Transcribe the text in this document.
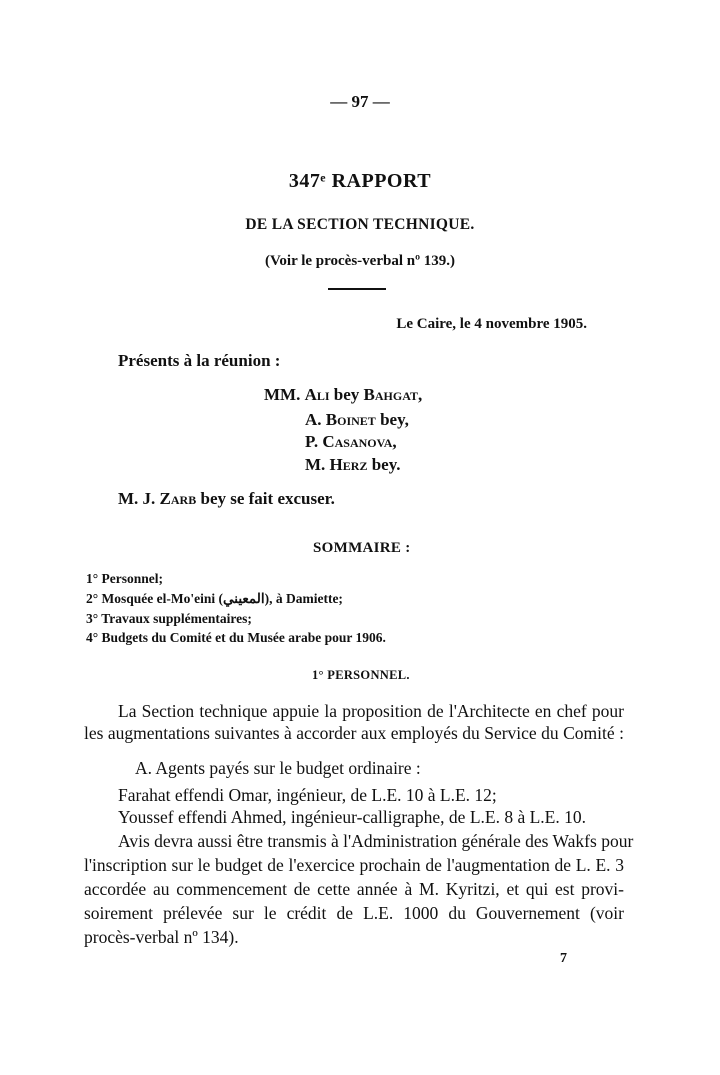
— 97 —
347ᵉ RAPPORT
DE LA SECTION TECHNIQUE.
(Voir le procès-verbal nº 139.)
Le Caire, le 4 novembre 1905.
Présents à la réunion :
MM. Ali bey Bahgat,
A. Boinet bey,
P. Casanova,
M. Herz bey.
M. J. Zarb bey se fait excuser.
SOMMAIRE :
1° Personnel;
2° Mosquée el-Mo'eini (المعيني), à Damiette;
3° Travaux supplémentaires;
4° Budgets du Comité et du Musée arabe pour 1906.
1° PERSONNEL.
La Section technique appuie la proposition de l'Architecte en chef pour
les augmentations suivantes à accorder aux employés du Service du Comité :
A. Agents payés sur le budget ordinaire :
Farahat effendi Omar, ingénieur, de L.E. 10 à L.E. 12;
Youssef effendi Ahmed, ingénieur-calligraphe, de L.E. 8 à L.E. 10.
Avis devra aussi être transmis à l'Administration générale des Wakfs pour
l'inscription sur le budget de l'exercice prochain de l'augmentation de L. E. 3
accordée au commencement de cette année à M. Kyritzi, et qui est provi-
soirement prélevée sur le crédit de L.E. 1000 du Gouvernement (voir
procès-verbal nº 134).
7
